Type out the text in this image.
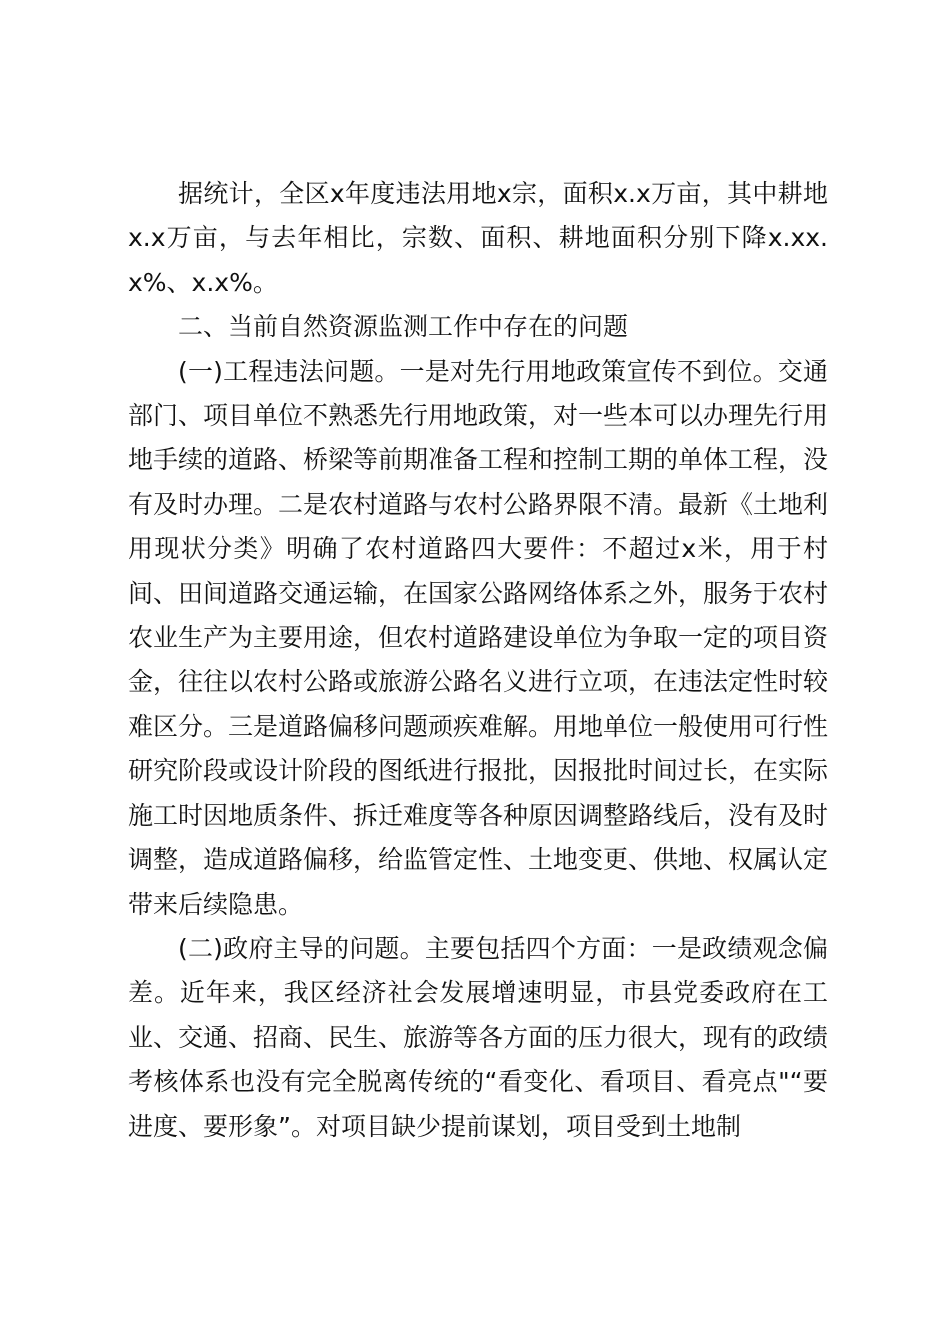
据统计，全区x年度违法用地x宗，面积x.x万亩，其中耕地x.x万亩，与去年相比，宗数、面积、耕地面积分别下降x.xx.x%、x.x%。

二、当前自然资源监测工作中存在的问题

(一)工程违法问题。一是对先行用地政策宣传不到位。交通部门、项目单位不熟悉先行用地政策，对一些本可以办理先行用地手续的道路、桥梁等前期准备工程和控制工期的单体工程，没有及时办理。二是农村道路与农村公路界限不清。最新《土地利用现状分类》明确了农村道路四大要件：不超过x米，用于村间、田间道路交通运输，在国家公路网络体系之外，服务于农村农业生产为主要用途，但农村道路建设单位为争取一定的项目资金，往往以农村公路或旅游公路名义进行立项，在违法定性时较难区分。三是道路偏移问题顽疾难解。用地单位一般使用可行性研究阶段或设计阶段的图纸进行报批，因报批时间过长，在实际施工时因地质条件、拆迁难度等各种原因调整路线后，没有及时调整，造成道路偏移，给监管定性、土地变更、供地、权属认定带来后续隐患。

(二)政府主导的问题。主要包括四个方面：一是政绩观念偏差。近年来，我区经济社会发展增速明显，市县党委政府在工业、交通、招商、民生、旅游等各方面的压力很大，现有的政绩考核体系也没有完全脱离传统的“看变化、看项目、看亮点"“要进度、要形象”。对项目缺少提前谋划，项目受到土地制
